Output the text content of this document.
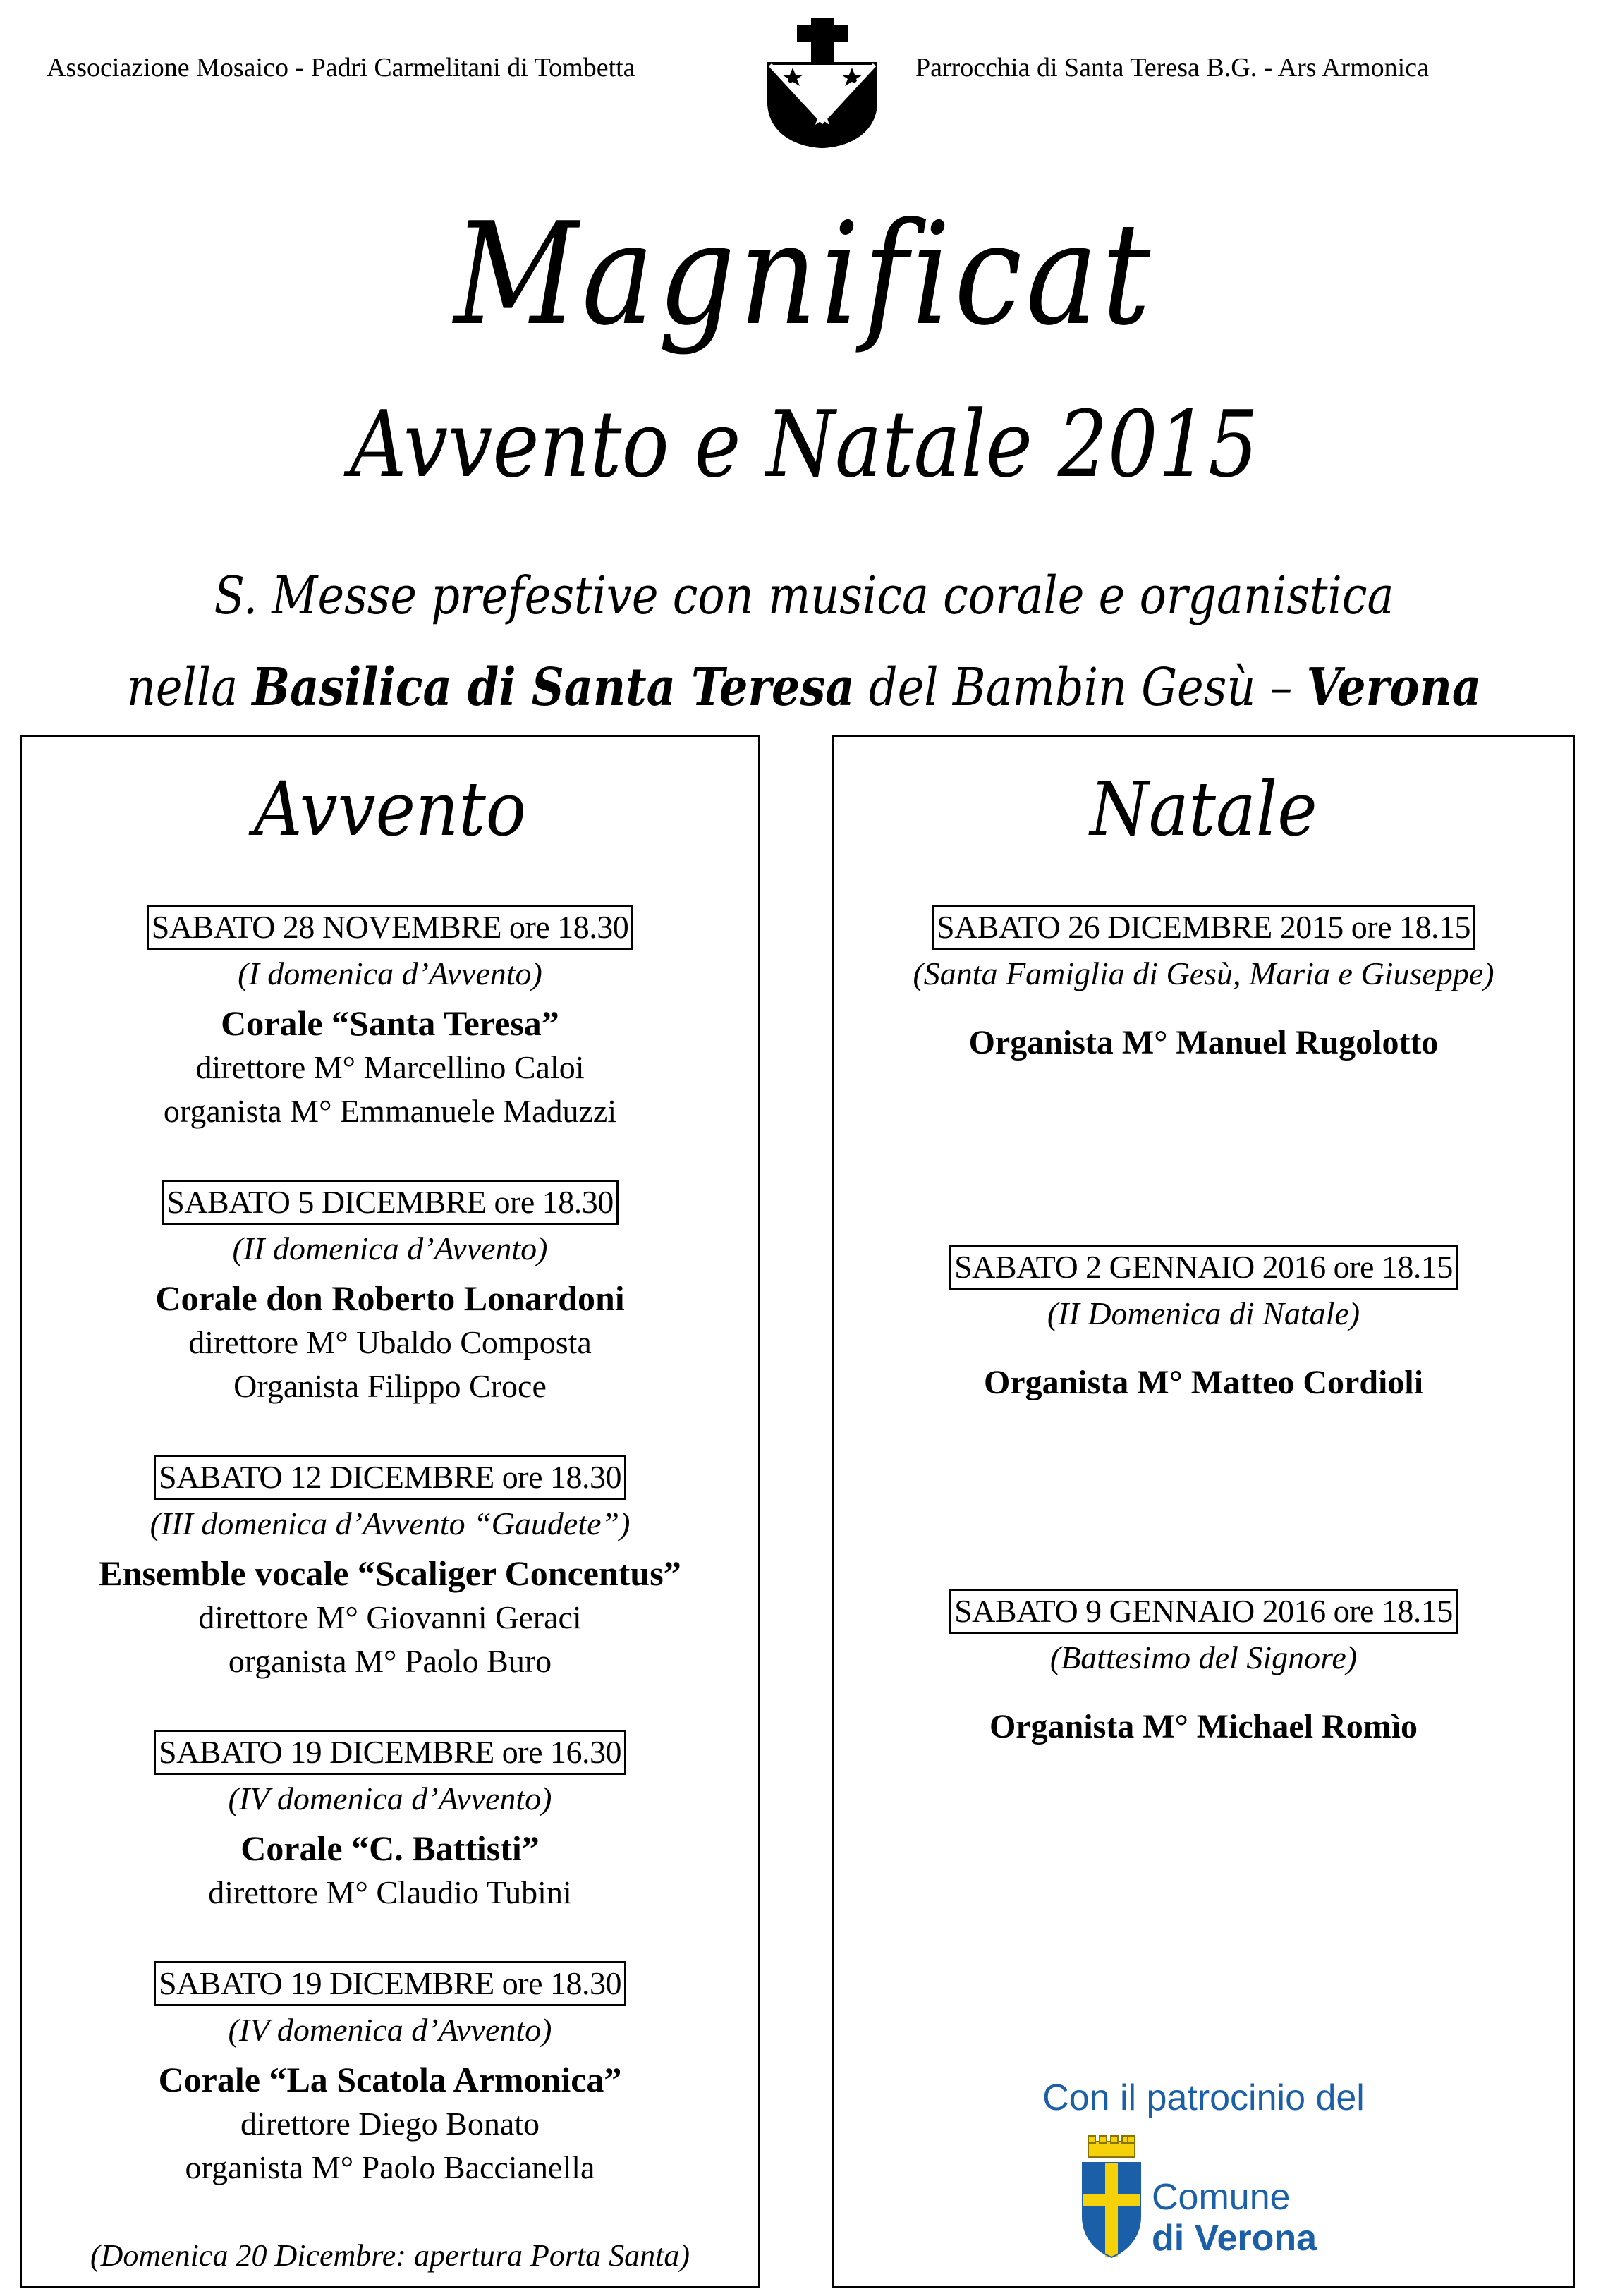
Associazione Mosaico - Padri Carmelitani di Tombetta	Parrocchia di Santa Teresa B.G. - Ars Armonica
Magnificat
Avvento e Natale 2015
S. Messe prefestive con musica corale e organistica
nella Basilica di Santa Teresa del Bambin Gesù – Verona
Avvento
SABATO 28 NOVEMBRE ore 18.30
(I domenica d’Avvento)
Corale “Santa Teresa”
direttore M° Marcellino Caloi
organista M° Emmanuele Maduzzi
SABATO 5 DICEMBRE ore 18.30
(II domenica d’Avvento)
Corale don Roberto Lonardoni
direttore M° Ubaldo Composta
Organista Filippo Croce
SABATO 12 DICEMBRE ore 18.30
(III domenica d’Avvento “Gaudete”)
Ensemble vocale “Scaliger Concentus”
direttore M° Giovanni Geraci
organista M° Paolo Buro
SABATO 19 DICEMBRE ore 16.30
(IV domenica d’Avvento)
Corale “C. Battisti”
direttore M° Claudio Tubini
SABATO 19 DICEMBRE ore 18.30
(IV domenica d’Avvento)
Corale “La Scatola Armonica”
direttore Diego Bonato
organista M° Paolo Baccianella
(Domenica 20 Dicembre: apertura Porta Santa)
Natale
SABATO 26 DICEMBRE 2015 ore 18.15
(Santa Famiglia di Gesù, Maria e Giuseppe)
Organista M° Manuel Rugolotto
SABATO 2 GENNAIO 2016 ore 18.15
(II Domenica di Natale)
Organista M° Matteo Cordioli
SABATO 9 GENNAIO 2016 ore 18.15
(Battesimo del Signore)
Organista M° Michael Romìo
Con il patrocinio del
Comune
di Verona
